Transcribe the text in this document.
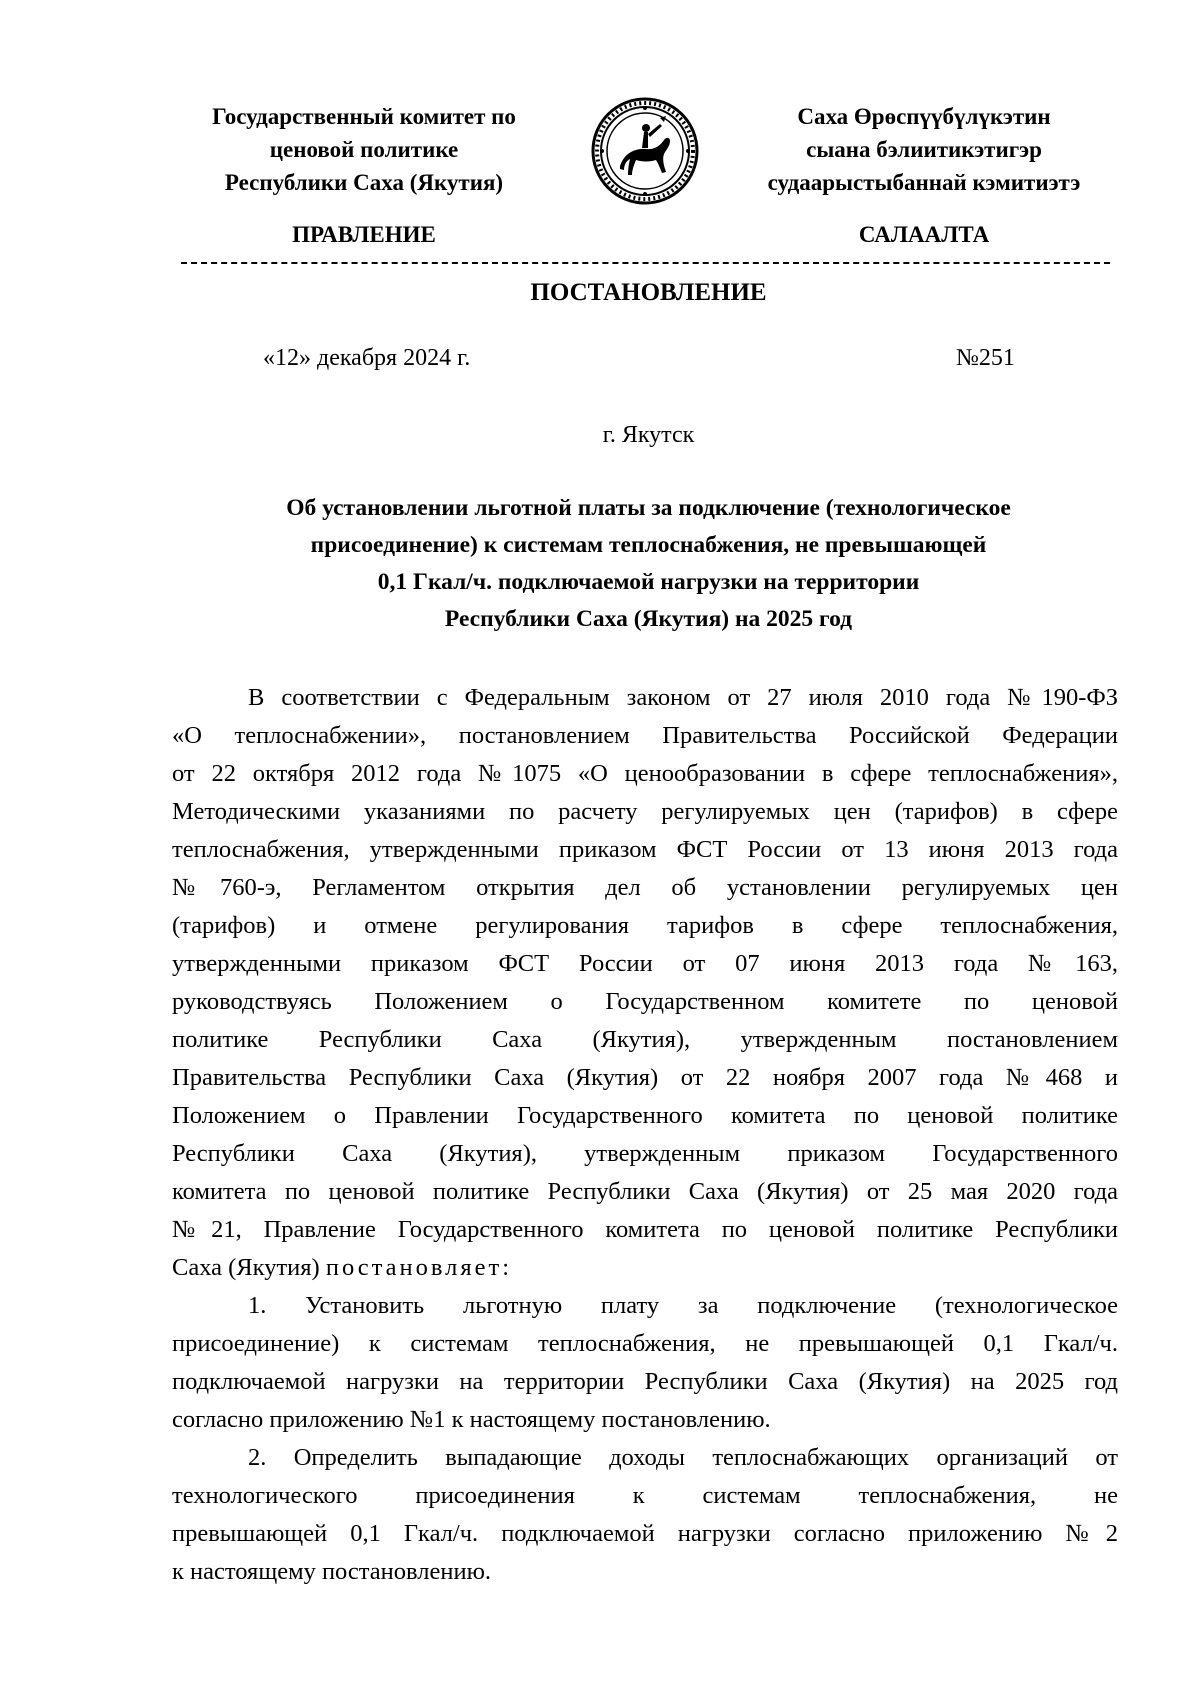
Государственный комитет по
ценовой политике
Республики Саха (Якутия)
Саха Өрөспүүбүлүкэтин
сыана бэлиитикэтигэр
судаарыстыбаннай кэмитиэтэ
ПРАВЛЕНИЕ	САЛААЛТА
ПОСТАНОВЛЕНИЕ
«12» декабря 2024 г.	№251
г. Якутск
Об установлении льготной платы за подключение (технологическое
присоединение) к системам теплоснабжения, не превышающей
0,1 Гкал/ч. подключаемой нагрузки на территории
Республики Саха (Якутия) на 2025 год
В соответствии с Федеральным законом от 27 июля 2010 года №190-ФЗ
«О теплоснабжении», постановлением Правительства Российской Федерации
от 22 октября 2012 года №1075 «О ценообразовании в сфере теплоснабжения»,
Методическими указаниями по расчету регулируемых цен (тарифов) в сфере
теплоснабжения, утвержденными приказом ФСТ России от 13 июня 2013 года
№760-э, Регламентом открытия дел об установлении регулируемых цен
(тарифов) и отмене регулирования тарифов в сфере теплоснабжения,
утвержденными приказом ФСТ России от 07 июня 2013 года №163,
руководствуясь Положением о Государственном комитете по ценовой
политике Республики Саха (Якутия), утвержденным постановлением
Правительства Республики Саха (Якутия) от 22 ноября 2007 года №468 и
Положением о Правлении Государственного комитета по ценовой политике
Республики Саха (Якутия), утвержденным приказом Государственного
комитета по ценовой политике Республики Саха (Якутия) от 25 мая 2020 года
№21, Правление Государственного комитета по ценовой политике Республики
Саха (Якутия) постановляет:
1. Установить льготную плату за подключение (технологическое
присоединение) к системам теплоснабжения, не превышающей 0,1 Гкал/ч.
подключаемой нагрузки на территории Республики Саха (Якутия) на 2025 год
согласно приложению №1 к настоящему постановлению.
2. Определить выпадающие доходы теплоснабжающих организаций от
технологического присоединения к системам теплоснабжения, не
превышающей 0,1 Гкал/ч. подключаемой нагрузки согласно приложению №2
к настоящему постановлению.
